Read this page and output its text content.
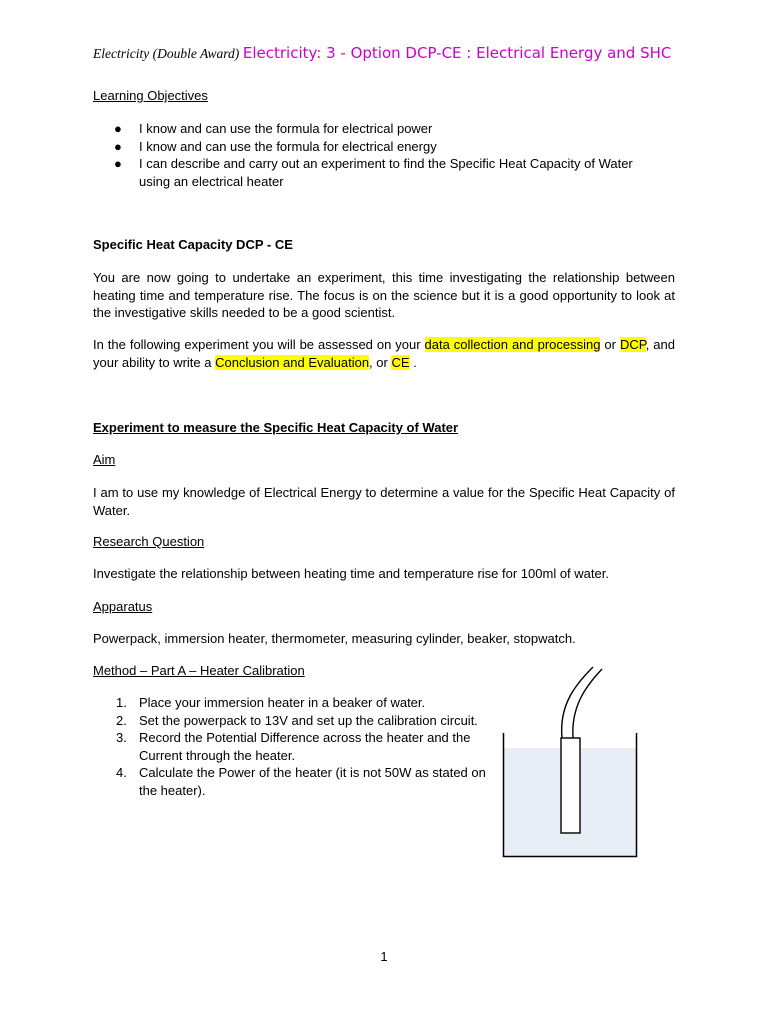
Electricity (Double Award) Electricity: 3 - Option DCP-CE : Electrical Energy and SHC
Learning Objectives
● I know and can use the formula for electrical power
● I know and can use the formula for electrical energy
● I can describe and carry out an experiment to find the Specific Heat Capacity of Water using an electrical heater
Specific Heat Capacity DCP - CE
You are now going to undertake an experiment, this time investigating the relationship between heating time and temperature rise. The focus is on the science but it is a good opportunity to look at the investigative skills needed to be a good scientist.
In the following experiment you will be assessed on your data collection and processing or DCP, and your ability to write a Conclusion and Evaluation, or CE .
Experiment to measure the Specific Heat Capacity of Water
Aim
I am to use my knowledge of Electrical Energy to determine a value for the Specific Heat Capacity of Water.
Research Question
Investigate the relationship between heating time and temperature rise for 100ml of water.
Apparatus
Powerpack, immersion heater, thermometer, measuring cylinder, beaker, stopwatch.
Method – Part A – Heater Calibration
1. Place your immersion heater in a beaker of water.
2. Set the powerpack to 13V and set up the calibration circuit.
3. Record the Potential Difference across the heater and the Current through the heater.
4. Calculate the Power of the heater (it is not 50W as stated on the heater).
1
